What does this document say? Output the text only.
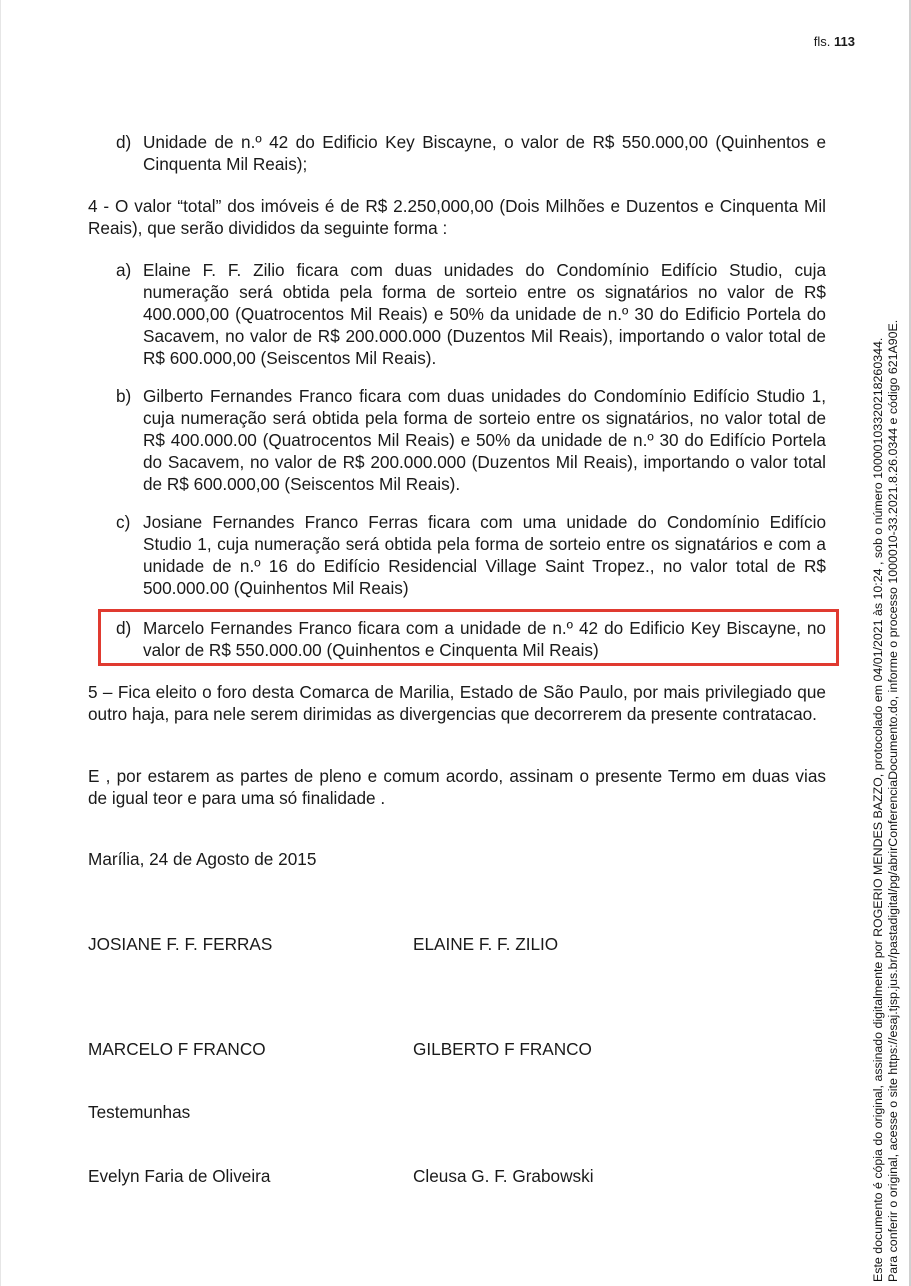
fls. 113
d) Unidade de n.º 42 do Edificio Key Biscayne, o valor de R$ 550.000,00 (Quinhentos e Cinquenta Mil Reais);
4 - O valor “total” dos imóveis é de R$ 2.250,000,00 (Dois Milhões e Duzentos e Cinquenta Mil Reais), que serão divididos da seguinte forma :
a) Elaine F. F. Zilio ficara com duas unidades do Condomínio Edifício Studio, cuja numeração será obtida pela forma de sorteio entre os signatários no valor de R$ 400.000,00 (Quatrocentos Mil Reais) e 50% da unidade de n.º 30 do Edificio Portela do Sacavem, no valor de R$ 200.000.000 (Duzentos Mil Reais), importando o valor total de R$ 600.000,00 (Seiscentos Mil Reais).
b) Gilberto Fernandes Franco ficara com duas unidades do Condomínio Edifício Studio 1, cuja numeração será obtida pela forma de sorteio entre os signatários, no valor total de R$ 400.000.00 (Quatrocentos Mil Reais) e 50% da unidade de n.º 30 do Edifício Portela do Sacavem, no valor de R$ 200.000.000 (Duzentos Mil Reais), importando o valor total de R$ 600.000,00 (Seiscentos Mil Reais).
c) Josiane Fernandes Franco Ferras ficara com uma unidade do Condomínio Edifício Studio 1, cuja numeração será obtida pela forma de sorteio entre os signatários e com a unidade de n.º 16 do Edifício Residencial Village Saint Tropez., no valor total de R$ 500.000.00 (Quinhentos Mil Reais)
d) Marcelo Fernandes Franco ficara com a unidade de n.º 42 do Edificio Key Biscayne, no valor de R$ 550.000.00 (Quinhentos e Cinquenta Mil Reais)
5 – Fica eleito o foro desta Comarca de Marilia, Estado de São Paulo, por mais privilegiado que outro haja, para nele serem dirimidas as divergencias que decorrerem da presente contratacao.
E , por estarem as partes de pleno e comum acordo, assinam o presente Termo em duas vias de igual teor e para uma só finalidade .
Marília, 24 de Agosto de 2015
JOSIANE F. F. FERRAS	ELAINE F. F. ZILIO
MARCELO F FRANCO	GILBERTO F FRANCO
Testemunhas
Evelyn Faria de Oliveira	Cleusa G. F. Grabowski	Este documento é cópia do original, assinado digitalmente por ROGERIO MENDES BAZZO, protocolado em 04/01/2021 às 10:24 , sob o número 10000103320218260344. Para conferir o original, acesse o site https://esaj.tjsp.jus.br/pastadigital/pg/abrirConferenciaDocumento.do, informe o processo 1000010-33.2021.8.26.0344 e código 621A90E.
